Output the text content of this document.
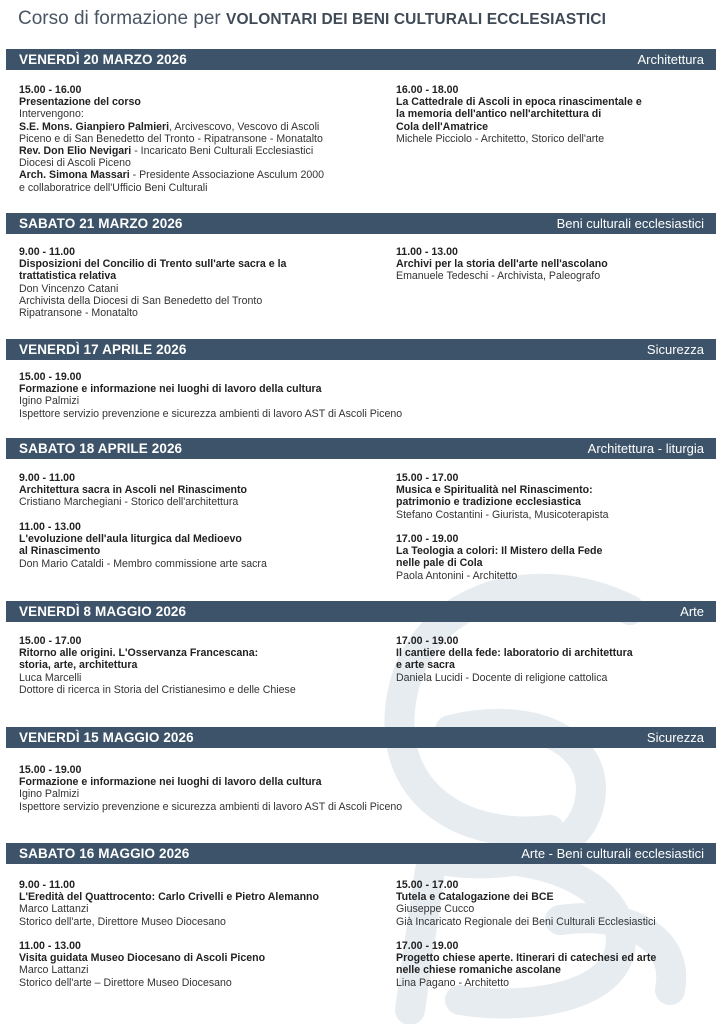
Corso di formazione per VOLONTARI DEI BENI CULTURALI ECCLESIASTICI
VENERDÌ 20 MARZO 2026	Architettura
15.00 - 16.00
Presentazione del corso
Intervengono:
S.E. Mons. Gianpiero Palmieri, Arcivescovo, Vescovo di Ascoli
Piceno e di San Benedetto del Tronto - Ripatransone - Monatalto
Rev. Don Elio Nevigari - Incaricato Beni Culturali Ecclesiastici
Diocesi di Ascoli Piceno
Arch. Simona Massari - Presidente Associazione Asculum 2000
e collaboratrice dell'Ufficio Beni Culturali
16.00 - 18.00
La Cattedrale di Ascoli in epoca rinascimentale e
la memoria dell'antico nell'architettura di
Cola dell'Amatrice
Michele Picciolo - Architetto, Storico dell'arte
SABATO 21 MARZO 2026	Beni culturali ecclesiastici
9.00 - 11.00
Disposizioni del Concilio di Trento sull'arte sacra e la
trattatistica relativa
Don Vincenzo Catani
Archivista della Diocesi di San Benedetto del Tronto
Ripatransone - Monatalto
11.00 - 13.00
Archivi per la storia dell'arte nell'ascolano
Emanuele Tedeschi - Archivista, Paleografo
VENERDÌ 17 APRILE 2026	Sicurezza
15.00 - 19.00
Formazione e informazione nei luoghi di lavoro della cultura
Igino Palmizi
Ispettore servizio prevenzione e sicurezza ambienti di lavoro AST di Ascoli Piceno
SABATO 18 APRILE 2026	Architettura - liturgia
9.00 - 11.00
Architettura sacra in Ascoli nel Rinascimento
Cristiano Marchegiani - Storico dell'architettura
15.00 - 17.00
Musica e Spiritualità nel Rinascimento:
patrimonio e tradizione ecclesiastica
Stefano Costantini - Giurista, Musicoterapista
11.00 - 13.00
L'evoluzione dell'aula liturgica dal Medioevo
al Rinascimento
Don Mario Cataldi - Membro commissione arte sacra
17.00 - 19.00
La Teologia a colori: Il Mistero della Fede
nelle pale di Cola
Paola Antonini - Architetto
VENERDÌ 8 MAGGIO 2026	Arte
15.00 - 17.00
Ritorno alle origini. L'Osservanza Francescana:
storia, arte, architettura
Luca Marcelli
Dottore di ricerca in Storia del Cristianesimo e delle Chiese
17.00 - 19.00
Il cantiere della fede: laboratorio di architettura
e arte sacra
Daniela Lucidi - Docente di religione cattolica
VENERDÌ 15 MAGGIO 2026	Sicurezza
15.00 - 19.00
Formazione e informazione nei luoghi di lavoro della cultura
Igino Palmizi
Ispettore servizio prevenzione e sicurezza ambienti di lavoro AST di Ascoli Piceno
SABATO 16 MAGGIO 2026	Arte - Beni culturali ecclesiastici
9.00 - 11.00
L'Eredità del Quattrocento: Carlo Crivelli e Pietro Alemanno
Marco Lattanzi
Storico dell'arte, Direttore Museo Diocesano
15.00 - 17.00
Tutela e Catalogazione dei BCE
Giuseppe Cucco
Già Incaricato Regionale dei Beni Culturali Ecclesiastici
11.00 - 13.00
Visita guidata Museo Diocesano di Ascoli Piceno
Marco Lattanzi
Storico dell'arte – Direttore Museo Diocesano
17.00 - 19.00
Progetto chiese aperte. Itinerari di catechesi ed arte
nelle chiese romaniche ascolane
Lina Pagano - Architetto
